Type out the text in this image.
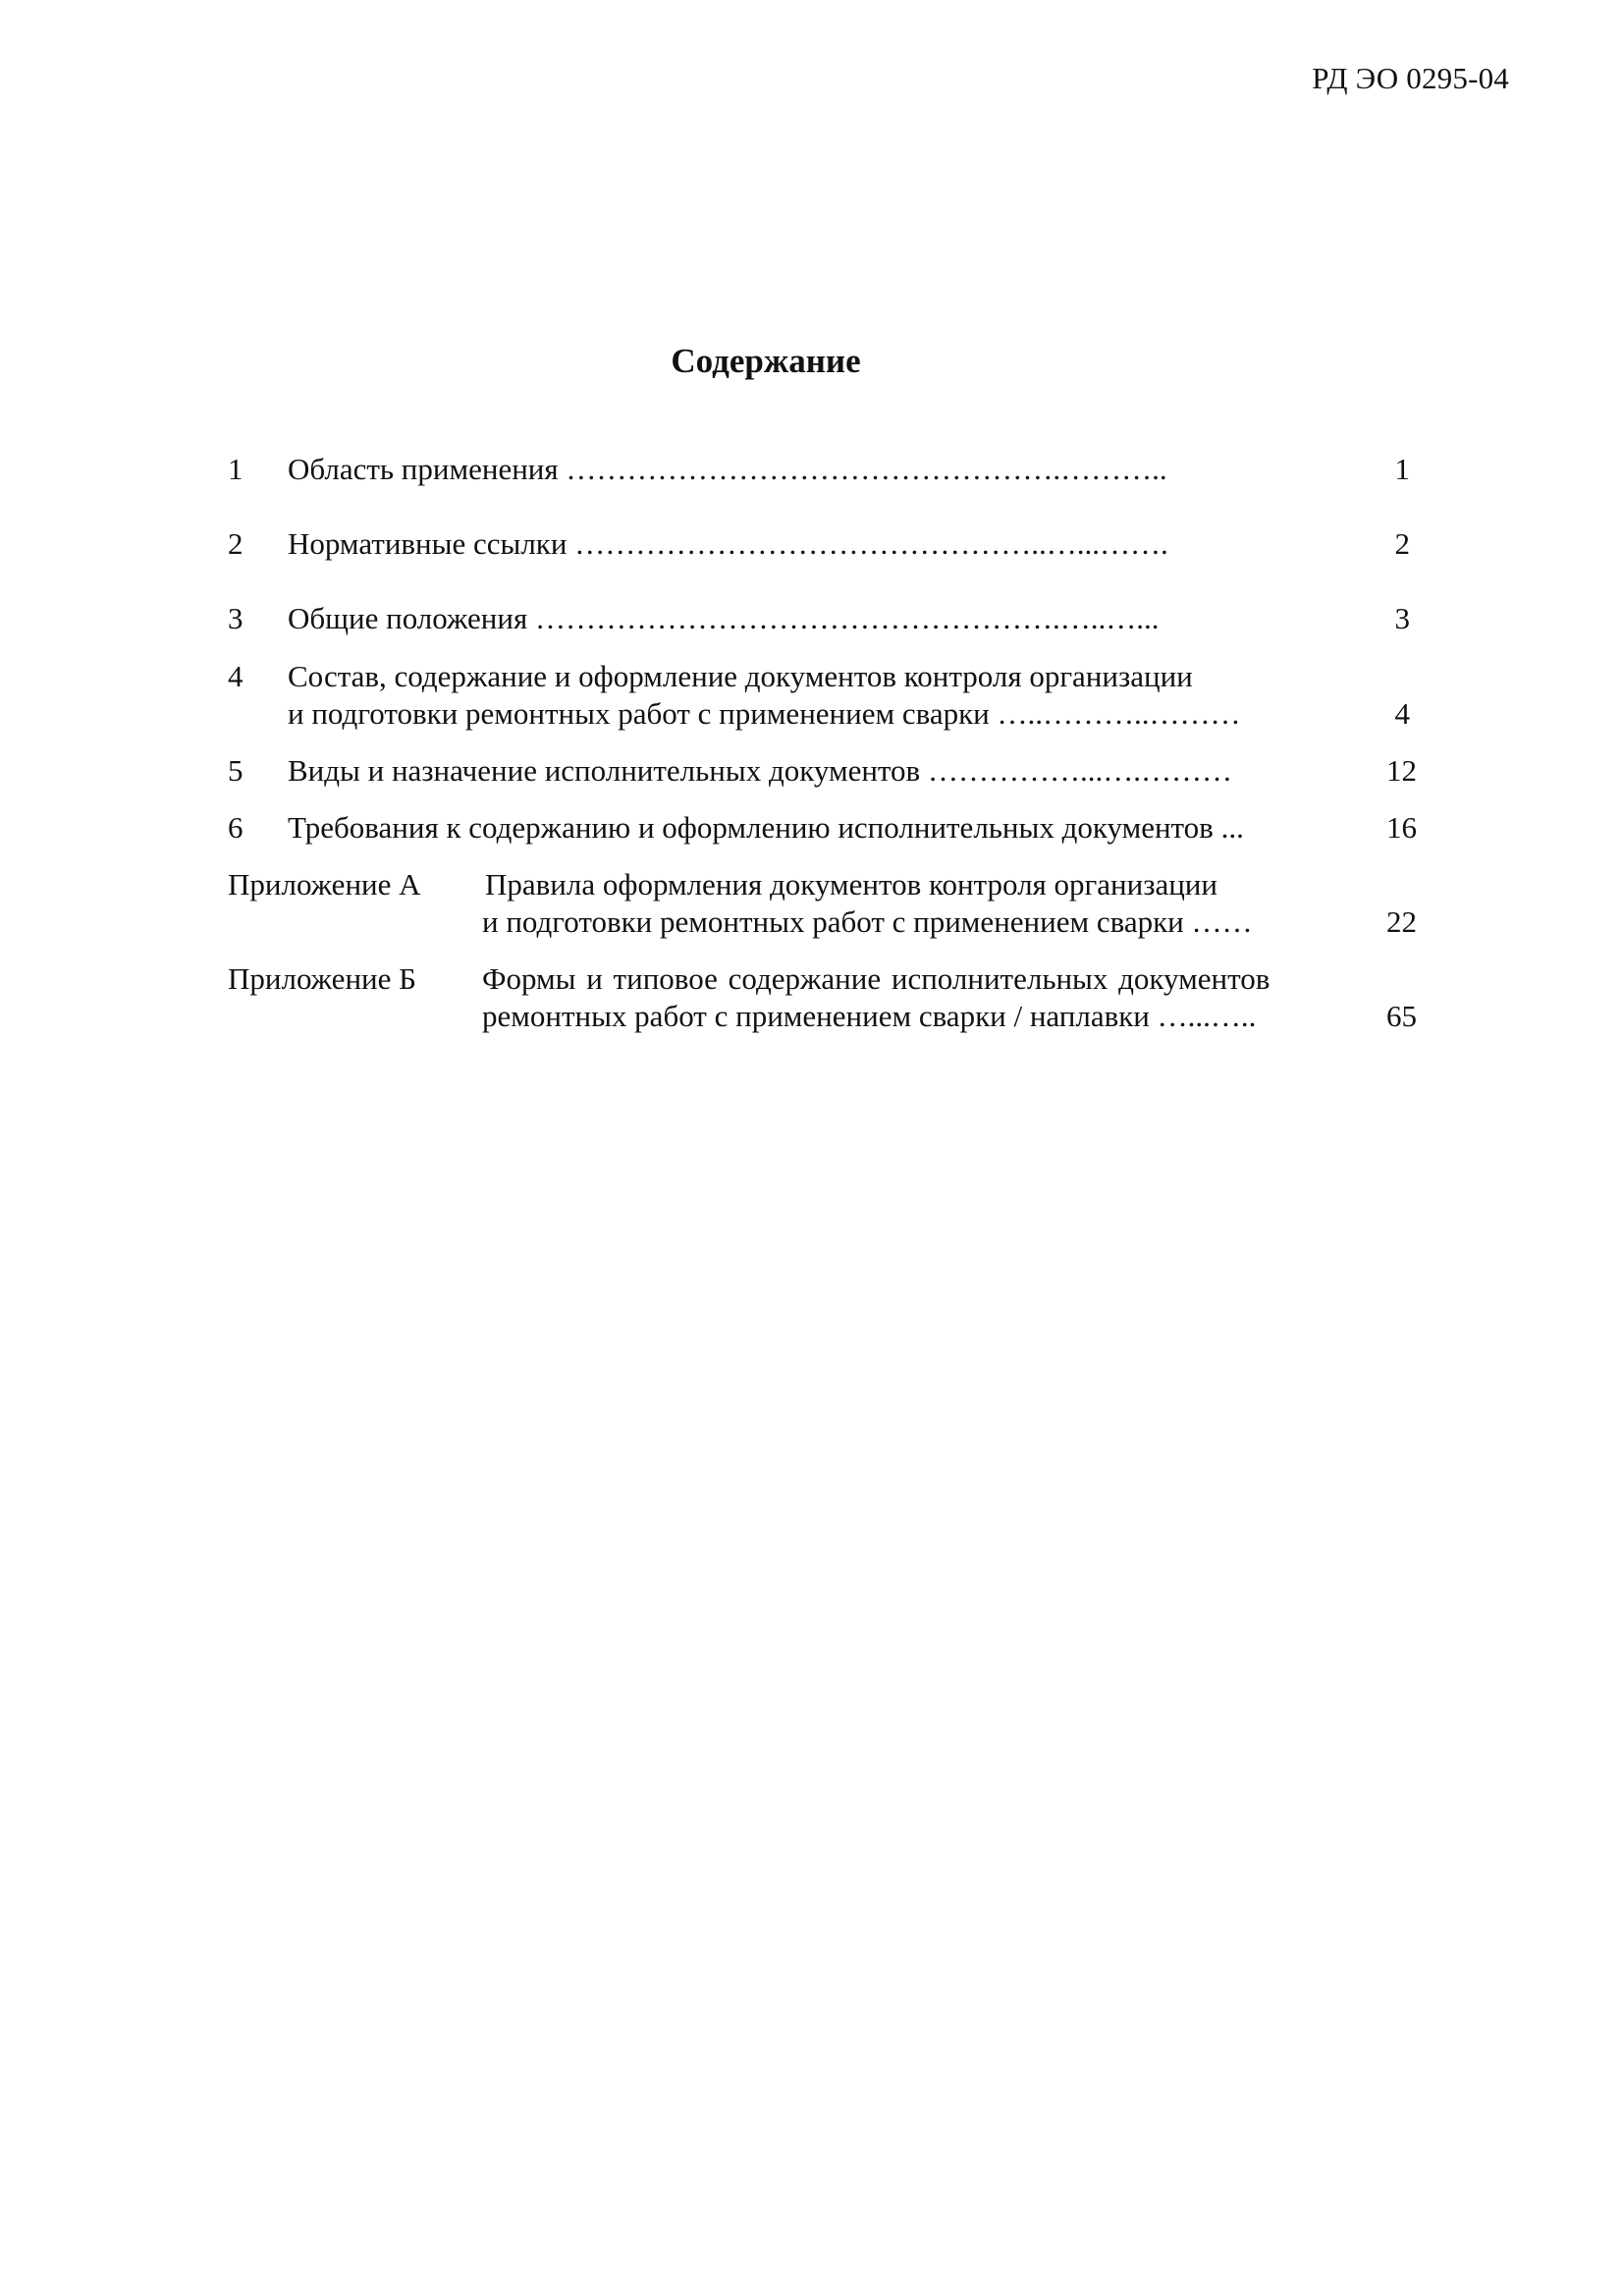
РД ЭО 0295-04
Содержание
1 Область применения ………………………………………….………..	1
2 Нормативные ссылки ………………………………………..…...…….	2
3 Общие положения …………………………………………….…..…...	3
4 Состав, содержание и оформление документов контроля организации
и подготовки ремонтных работ с применением сварки …..………..………	4
5 Виды и назначение исполнительных документов ……………...….………	12
6 Требования к содержанию и оформлению исполнительных документов ...	16
Приложение А Правила оформления документов контроля организации
и подготовки ремонтных работ с применением сварки ……	22
Приложение Б Формы и типовое содержание исполнительных документов
ремонтных работ с применением сварки / наплавки …...…..	65
